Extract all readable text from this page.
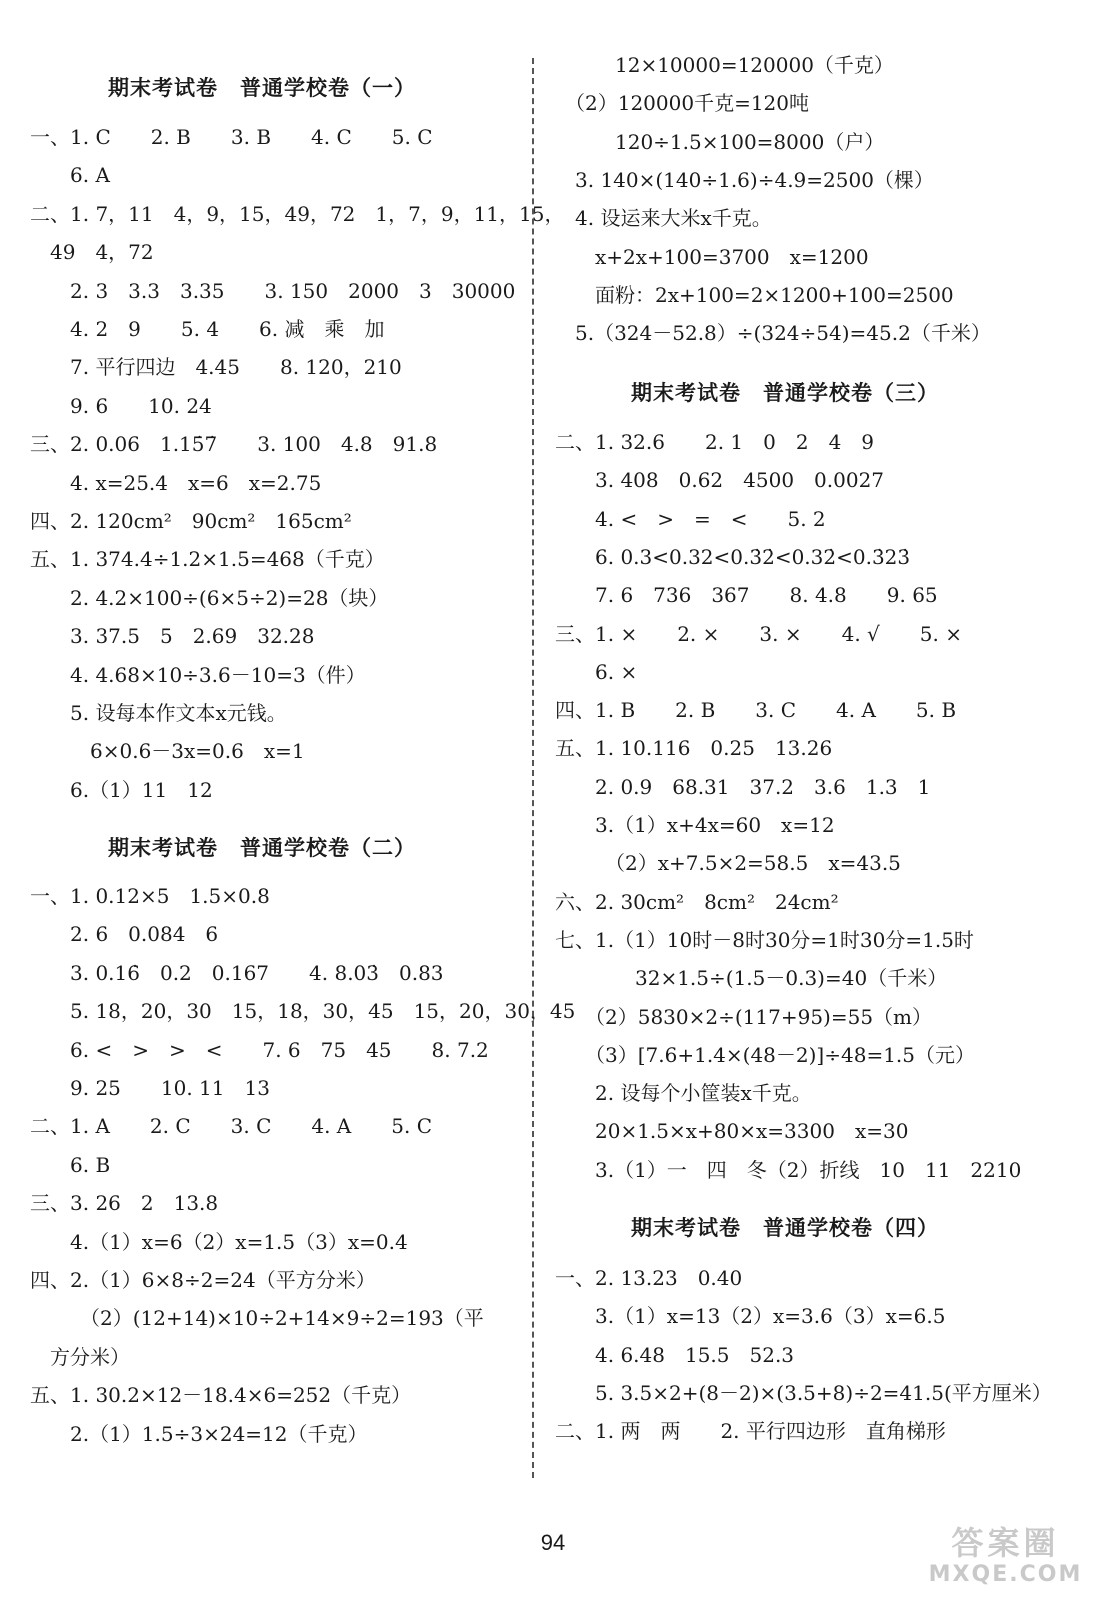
期末考试卷　普通学校卷（一）
一、1. C　　2. B　　3. B　　4. C　　5. C
　　6. A
二、1. 7，11　4，9，15，49，72　1，7，9，11，15，
　49　4，72
　　2. 3　3.3　3.35　　3. 150　2000　3　30000
　　4. 2　9　　5. 4　　6. 减　乘　加
　　7. 平行四边　4.45　　8. 120，210
　　9. 6　　10. 24
三、2. 0.06　1.15̇7̇　　3. 100　4.8　91.8
　　4. x=25.4　x=6　x=2.75
四、2. 120cm²　90cm²　165cm²
五、1. 374.4÷1.2×1.5=468（千克）
　　2. 4.2×100÷(6×5÷2)=28（块）
　　3. 37.5　5　2.69　32.28
　　4. 4.68×10÷3.6－10=3（件）
　　5. 设每本作文本x元钱。
　　　6×0.6－3x=0.6　x=1
　　6.（1）11　12
期末考试卷　普通学校卷（二）
一、1. 0.12×5　1.5×0.8
　　2. 6　0.084　6
　　3. 0.16̇　0.2　0.167　　4. 8.03̇　0.83
　　5. 18，20，30　15，18，30，45　15，20，30，45
　　6. <　>　>　<　　7. 6　75　45　　8. 7.2
　　9. 25　　10. 11　13
二、1. A　　2. C　　3. C　　4. A　　5. C
　　6. B
三、3. 26　2　13.8
　　4.（1）x=6（2）x=1.5（3）x=0.4
四、2.（1）6×8÷2=24（平方分米）
　　　（2）(12+14)×10÷2+14×9÷2=193（平
　方分米）
五、1. 30.2×12－18.4×6=252（千克）
　　2.（1）1.5÷3×24=12（千克）
　　　12×10000=120000（千克）
　（2）120000千克=120吨
　　　120÷1.5×100=8000（户）
　3. 140×(140÷1.6)÷4.9=2500（棵）
　4. 设运来大米x千克。
　　x+2x+100=3700　x=1200
　　面粉：2x+100=2×1200+100=2500
　5.（324－52.8）÷(324÷54)=45.2（千米）
期末考试卷　普通学校卷（三）
二、1. 32.6　　2. 1　0　2　4　9
　　3. 408　0.62　4500　0.0027
　　4. <　>　=　<　　5. 2
　　6. 0.3<0.32<0.3̇2̇<0.32̇<0.3̇23̇
　　7. 6　736　367　　8. 4.8　　9. 65
三、1. ×　　2. ×　　3. ×　　4. √　　5. ×
　　6. ×
四、1. B　　2. B　　3. C　　4. A　　5. B
五、1. 10.116　0.25　13.26
　　2. 0.9　68.31　37.2　3.6　1.3　1
　　3.（1）x+4x=60　x=12
　　　（2）x+7.5×2=58.5　x=43.5
六、2. 30cm²　8cm²　24cm²
七、1.（1）10时－8时30分=1时30分=1.5时
　　　　32×1.5÷(1.5－0.3)=40（千米）
　　（2）5830×2÷(117+95)=55（m）
　　（3）[7.6+1.4×(48－2)]÷48=1.5（元）
　　2. 设每个小筐装x千克。
　　20×1.5×x+80×x=3300　x=30
　　3.（1）一　四　冬（2）折线　10　11　2210
期末考试卷　普通学校卷（四）
一、2. 13.23　0.40
　　3.（1）x=13（2）x=3.6（3）x=6.5
　　4. 6.48　15.5　52.3
　　5. 3.5×2+(8－2)×(3.5+8)÷2=41.5(平方厘米）
二、1. 两　两　　2. 平行四边形　直角梯形
94	答案圈
MXQE.COM
